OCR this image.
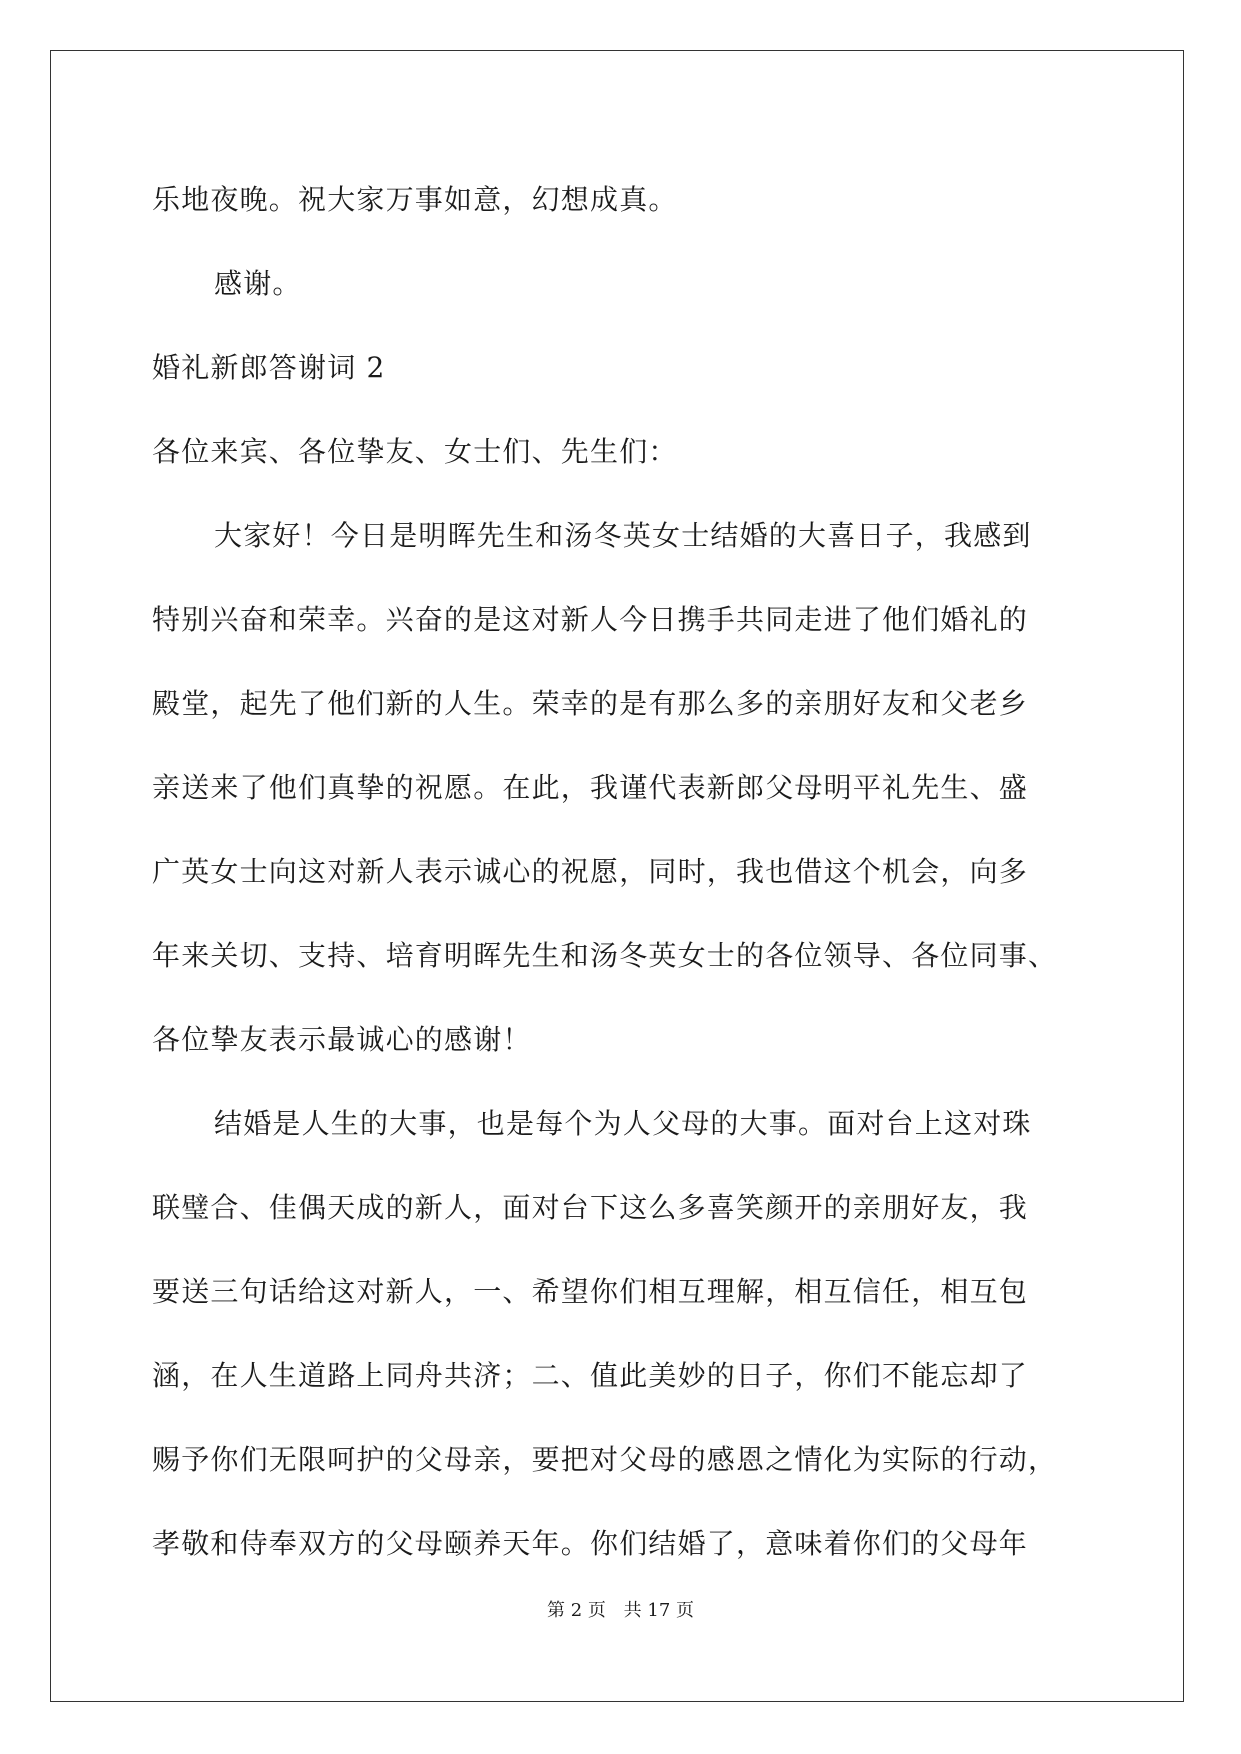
乐地夜晚。祝大家万事如意，幻想成真。
感谢。
婚礼新郎答谢词 2
各位来宾、各位挚友、女士们、先生们：
大家好！今日是明晖先生和汤冬英女士结婚的大喜日子，我感到
特别兴奋和荣幸。兴奋的是这对新人今日携手共同走进了他们婚礼的
殿堂，起先了他们新的人生。荣幸的是有那么多的亲朋好友和父老乡
亲送来了他们真挚的祝愿。在此，我谨代表新郎父母明平礼先生、盛
广英女士向这对新人表示诚心的祝愿，同时，我也借这个机会，向多
年来关切、支持、培育明晖先生和汤冬英女士的各位领导、各位同事、
各位挚友表示最诚心的感谢！
结婚是人生的大事，也是每个为人父母的大事。面对台上这对珠
联璧合、佳偶天成的新人，面对台下这么多喜笑颜开的亲朋好友，我
要送三句话给这对新人，一、希望你们相互理解，相互信任，相互包
涵，在人生道路上同舟共济；二、值此美妙的日子，你们不能忘却了
赐予你们无限呵护的父母亲，要把对父母的感恩之情化为实际的行动，
孝敬和侍奉双方的父母颐养天年。你们结婚了，意味着你们的父母年
第 2 页 共 17 页
